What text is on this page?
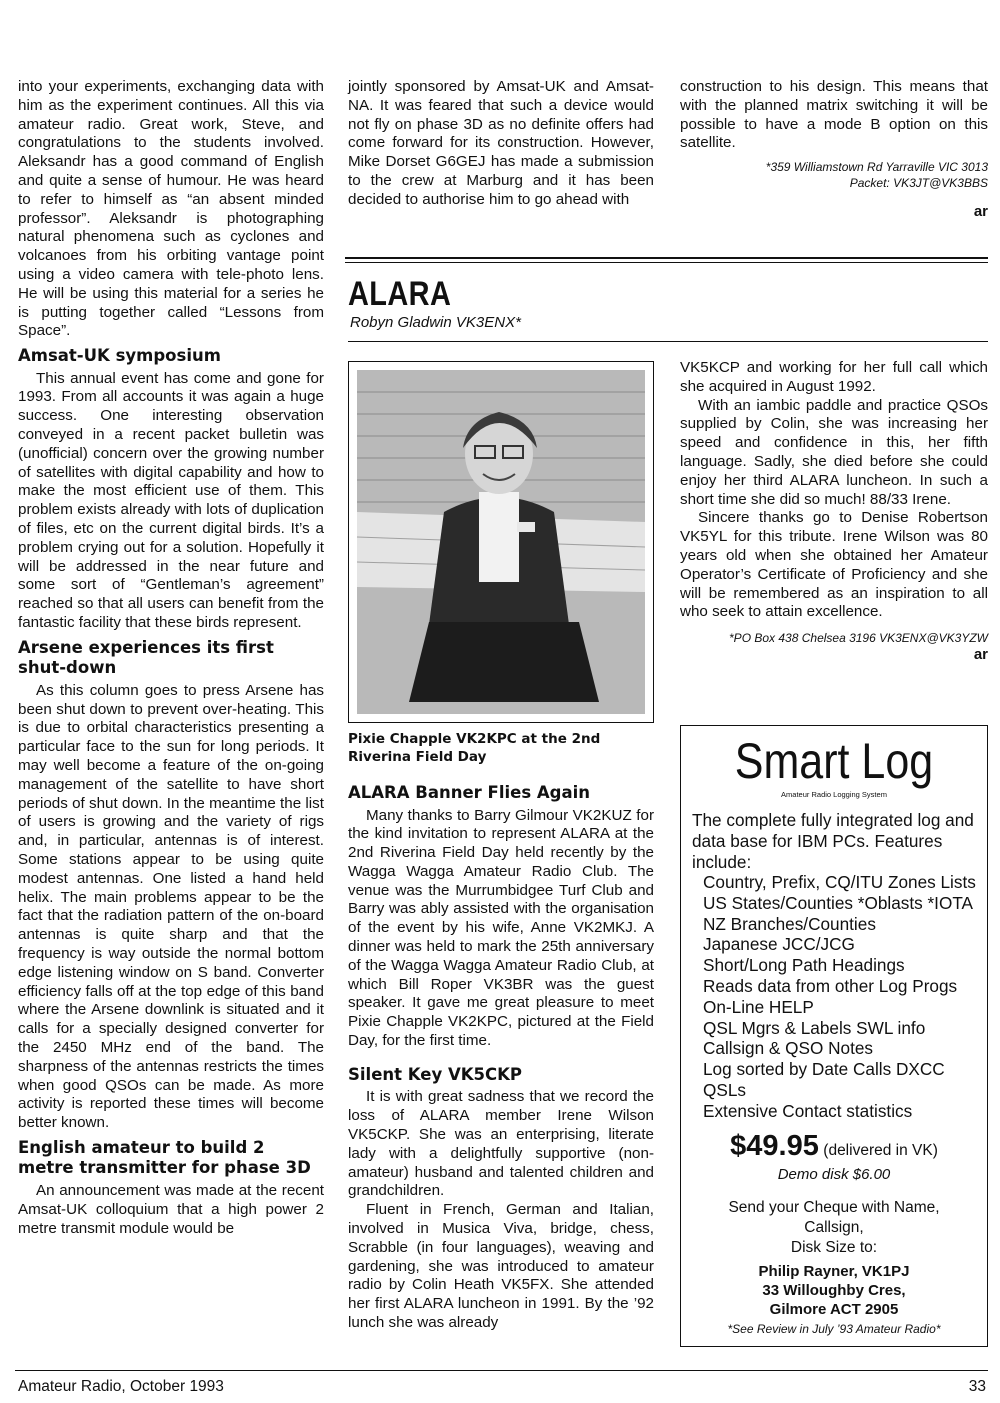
into your experiments, exchanging data with him as the experiment continues. All this via amateur radio. Great work, Steve, and congratulations to the students involved. Aleksandr has a good command of English and quite a sense of humour. He was heard to refer to himself as “an absent minded professor”. Aleksandr is photographing natural phenomena such as cyclones and volcanoes from his orbiting vantage point using a video camera with tele-photo lens. He will be using this material for a series he is putting together called “Lessons from Space”.

Amsat-UK symposium

This annual event has come and gone for 1993. From all accounts it was again a huge success. One interesting observation conveyed in a recent packet bulletin was (unofficial) concern over the growing number of satellites with digital capability and how to make the most efficient use of them. This problem exists already with lots of duplication of files, etc on the current digital birds. It’s a problem crying out for a solution. Hopefully it will be addressed in the near future and some sort of “Gentleman’s agreement” reached so that all users can benefit from the fantastic facility that these birds represent.

Arsene experiences its first shut-down

As this column goes to press Arsene has been shut down to prevent over-heating. This is due to orbital characteristics presenting a particular face to the sun for long periods. It may well become a feature of the on-going management of the satellite to have short periods of shut down. In the meantime the list of users is growing and the variety of rigs and, in particular, antennas is of interest. Some stations appear to be using quite modest antennas. One listed a hand held helix. The main problems appear to be the fact that the radiation pattern of the on-board antennas is quite sharp and that the frequency is way outside the normal bottom edge listening window on S band. Converter efficiency falls off at the top edge of this band where the Arsene downlink is situated and it calls for a specially designed converter for the 2450 MHz end of the band. The sharpness of the antennas restricts the times when good QSOs can be made. As more activity is reported these times will become better known.

English amateur to build 2 metre transmitter for phase 3D

An announcement was made at the recent Amsat-UK colloquium that a high power 2 metre transmit module would be

jointly sponsored by Amsat-UK and Amsat-NA. It was feared that such a device would not fly on phase 3D as no definite offers had come forward for its construction. However, Mike Dorset G6GEJ has made a submission to the crew at Marburg and it has been decided to authorise him to go ahead with

construction to his design. This means that with the planned matrix switching it will be possible to have a mode B option on this satellite.

*359 Williamstown Rd Yarraville VIC 3013
Packet: VK3JT@VK3BBS
ar
ALARA
Robyn Gladwin VK3ENX*
Pixie Chapple VK2KPC at the 2nd Riverina Field Day
ALARA Banner Flies Again

Many thanks to Barry Gilmour VK2KUZ for the kind invitation to represent ALARA at the 2nd Riverina Field Day held recently by the Wagga Wagga Amateur Radio Club. The venue was the Murrumbidgee Turf Club and Barry was ably assisted with the organisation of the event by his wife, Anne VK2MKJ. A dinner was held to mark the 25th anniversary of the Wagga Wagga Amateur Radio Club, at which Bill Roper VK3BR was the guest speaker. It gave me great pleasure to meet Pixie Chapple VK2KPC, pictured at the Field Day, for the first time.

Silent Key VK5CKP

It is with great sadness that we record the loss of ALARA member Irene Wilson VK5CKP. She was an enterprising, literate lady with a delightfully supportive (non-amateur) husband and talented children and grandchildren.

Fluent in French, German and Italian, involved in Musica Viva, bridge, chess, Scrabble (in four languages), weaving and gardening, she was introduced to amateur radio by Colin Heath VK5FX. She attended her first ALARA luncheon in 1991. By the ’92 lunch she was already

VK5KCP and working for her full call which she acquired in August 1992.

With an iambic paddle and practice QSOs supplied by Colin, she was increasing her speed and confidence in this, her fifth language. Sadly, she died before she could enjoy her third ALARA luncheon. In such a short time she did so much! 88/33 Irene.

Sincere thanks go to Denise Robertson VK5YL for this tribute. Irene Wilson was 80 years old when she obtained her Amateur Operator’s Certificate of Proficiency and she will be remembered as an inspiration to all who seek to attain excellence.

*PO Box 438 Chelsea 3196 VK3ENX@VK3YZW
ar
Smart Log
Amateur Radio Logging System
The complete fully integrated log and data base for IBM PCs. Features include:
Country, Prefix, CQ/ITU Zones Lists
US States/Counties *Oblasts *IOTA
NZ Branches/Counties
Japanese JCC/JCG
Short/Long Path Headings
Reads data from other Log Progs
On-Line HELP
QSL Mgrs & Labels SWL info
Callsign & QSO Notes
Log sorted by Date Calls DXCC
QSLs
Extensive Contact statistics
$49.95 (delivered in VK)
Demo disk $6.00
Send your Cheque with Name,
Callsign,
Disk Size to:
Philip Rayner, VK1PJ
33 Willoughby Cres,
Gilmore ACT 2905
*See Review in July ’93 Amateur Radio*
Amateur Radio, October 1993	33
